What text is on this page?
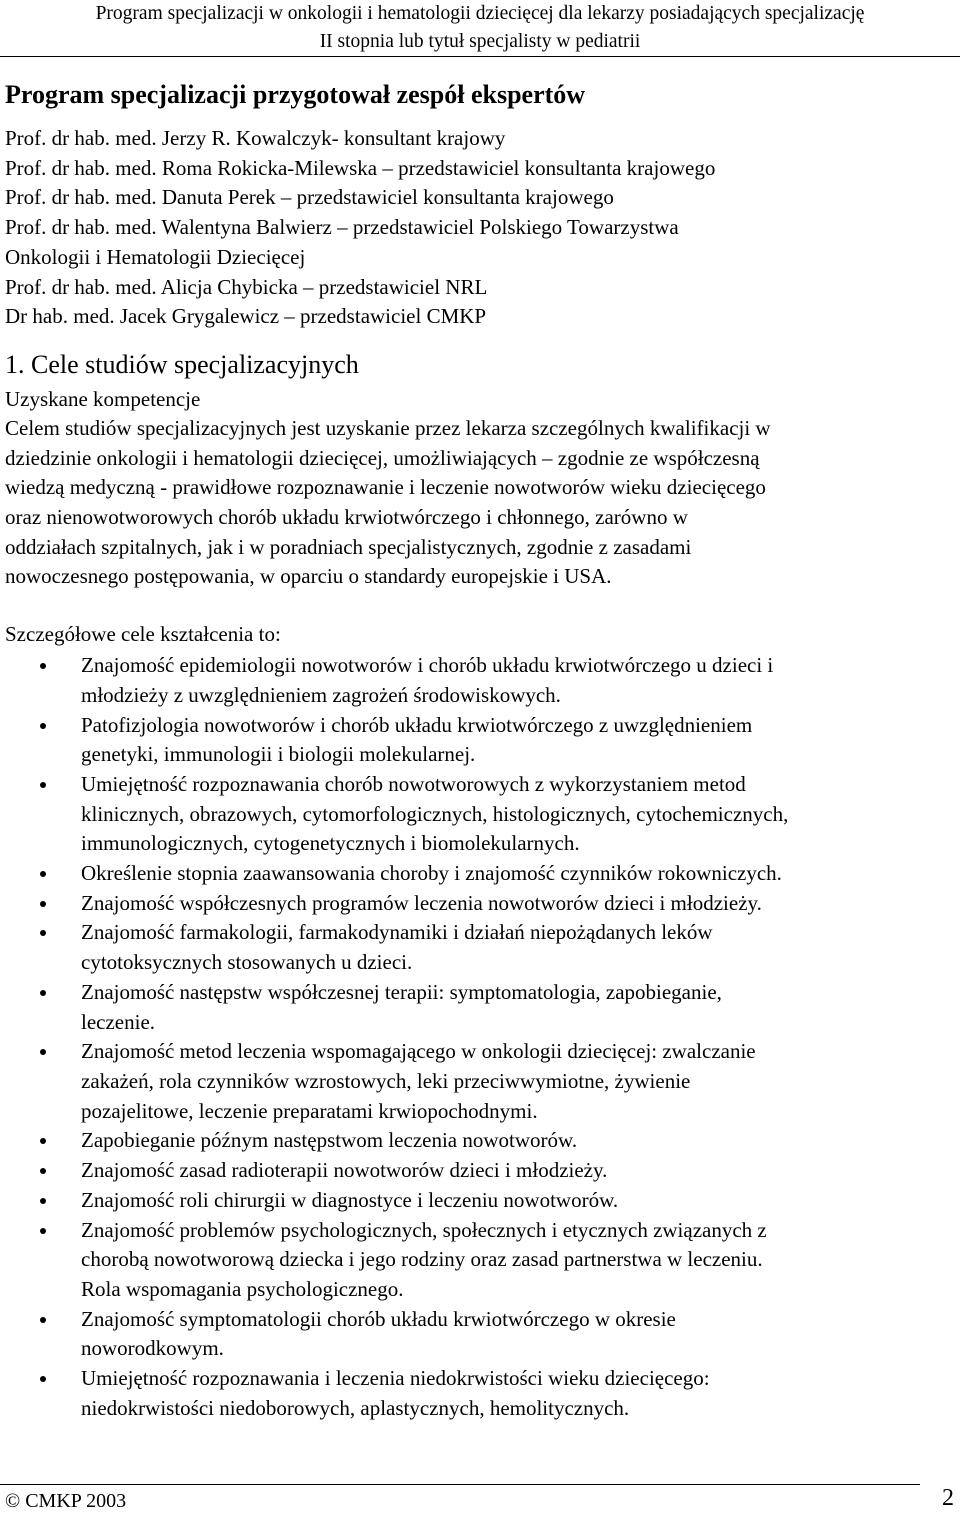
Program specjalizacji w onkologii i hematologii dziecięcej dla lekarzy posiadających specjalizację
II stopnia lub tytuł specjalisty w pediatrii
Program specjalizacji przygotował zespół ekspertów
Prof. dr hab. med. Jerzy R. Kowalczyk- konsultant krajowy
Prof. dr hab. med. Roma Rokicka-Milewska – przedstawiciel konsultanta krajowego
Prof. dr hab. med. Danuta Perek – przedstawiciel konsultanta krajowego
Prof. dr hab. med. Walentyna Balwierz – przedstawiciel Polskiego Towarzystwa
Onkologii i Hematologii Dziecięcej
Prof. dr hab. med. Alicja Chybicka – przedstawiciel NRL
Dr hab. med. Jacek Grygalewicz – przedstawiciel CMKP
1. Cele studiów specjalizacyjnych
Uzyskane kompetencje
Celem studiów specjalizacyjnych jest uzyskanie przez lekarza szczególnych kwalifikacji w
dziedzinie onkologii i hematologii dziecięcej, umożliwiających – zgodnie ze współczesną
wiedzą medyczną - prawidłowe rozpoznawanie i leczenie nowotworów wieku dziecięcego
oraz nienowotworowych chorób układu krwiotwórczego i chłonnego, zarówno w
oddziałach szpitalnych, jak i w poradniach specjalistycznych, zgodnie z zasadami
nowoczesnego postępowania, w oparciu o standardy europejskie i USA.
Szczegółowe cele kształcenia to:
Znajomość epidemiologii nowotworów i chorób układu krwiotwórczego u dzieci i
młodzieży z uwzględnieniem zagrożeń środowiskowych.
Patofizjologia nowotworów i chorób układu krwiotwórczego z uwzględnieniem
genetyki, immunologii i biologii molekularnej.
Umiejętność rozpoznawania chorób nowotworowych z wykorzystaniem metod
klinicznych, obrazowych, cytomorfologicznych, histologicznych, cytochemicznych,
immunologicznych, cytogenetycznych i biomolekularnych.
Określenie stopnia zaawansowania choroby i znajomość czynników rokowniczych.
Znajomość współczesnych programów leczenia nowotworów dzieci i młodzieży.
Znajomość farmakologii, farmakodynamiki i działań niepożądanych leków
cytotoksycznych stosowanych u dzieci.
Znajomość następstw współczesnej terapii: symptomatologia, zapobieganie,
leczenie.
Znajomość metod leczenia wspomagającego w onkologii dziecięcej: zwalczanie
zakażeń, rola czynników wzrostowych, leki przeciwwymiotne, żywienie
pozajelitowe, leczenie preparatami krwiopochodnymi.
Zapobieganie późnym następstwom leczenia nowotworów.
Znajomość zasad radioterapii nowotworów dzieci i młodzieży.
Znajomość roli chirurgii w diagnostyce i leczeniu nowotworów.
Znajomość problemów psychologicznych, społecznych i etycznych związanych z
chorobą nowotworową dziecka i jego rodziny oraz zasad partnerstwa w leczeniu.
Rola wspomagania psychologicznego.
Znajomość symptomatologii chorób układu krwiotwórczego w okresie
noworodkowym.
Umiejętność rozpoznawania i leczenia niedokrwistości wieku dziecięcego:
niedokrwistości niedoborowych, aplastycznych, hemolitycznych.
© CMKP 2003	2
